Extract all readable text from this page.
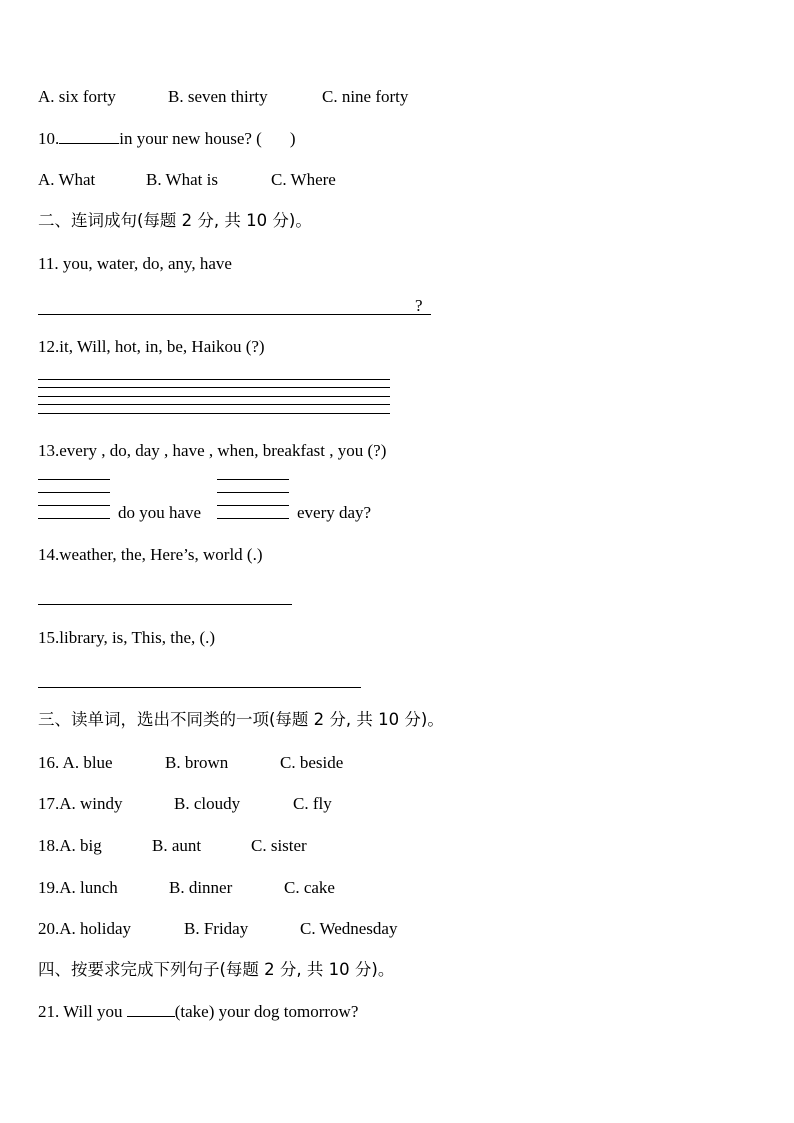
A. six forty	B. seven thirty	C. nine forty
10.	in your new house? ( )
A. What	B. What is	C. Where
二、连词成句(每题 2 分, 共 10 分)。
11. you, water, do, any, have
?
12.it, Will, hot, in, be, Haikou (?)
13.every , do, day , have , when, breakfast , you (?)
do you have	every day?
14.weather, the, Here’s, world (.)
15.library, is, This, the, (.)
三、读单词，选出不同类的一项(每题 2 分, 共 10 分)。
16. A. blue	B. brown	C. beside
17.A. windy	B. cloudy	C. fly
18.A. big	B. aunt	C. sister
19.A. lunch	B. dinner	C. cake
20.A. holiday	B. Friday	C. Wednesday
四、按要求完成下列句子(每题 2 分, 共 10 分)。
21. Will you	(take) your dog tomorrow?
